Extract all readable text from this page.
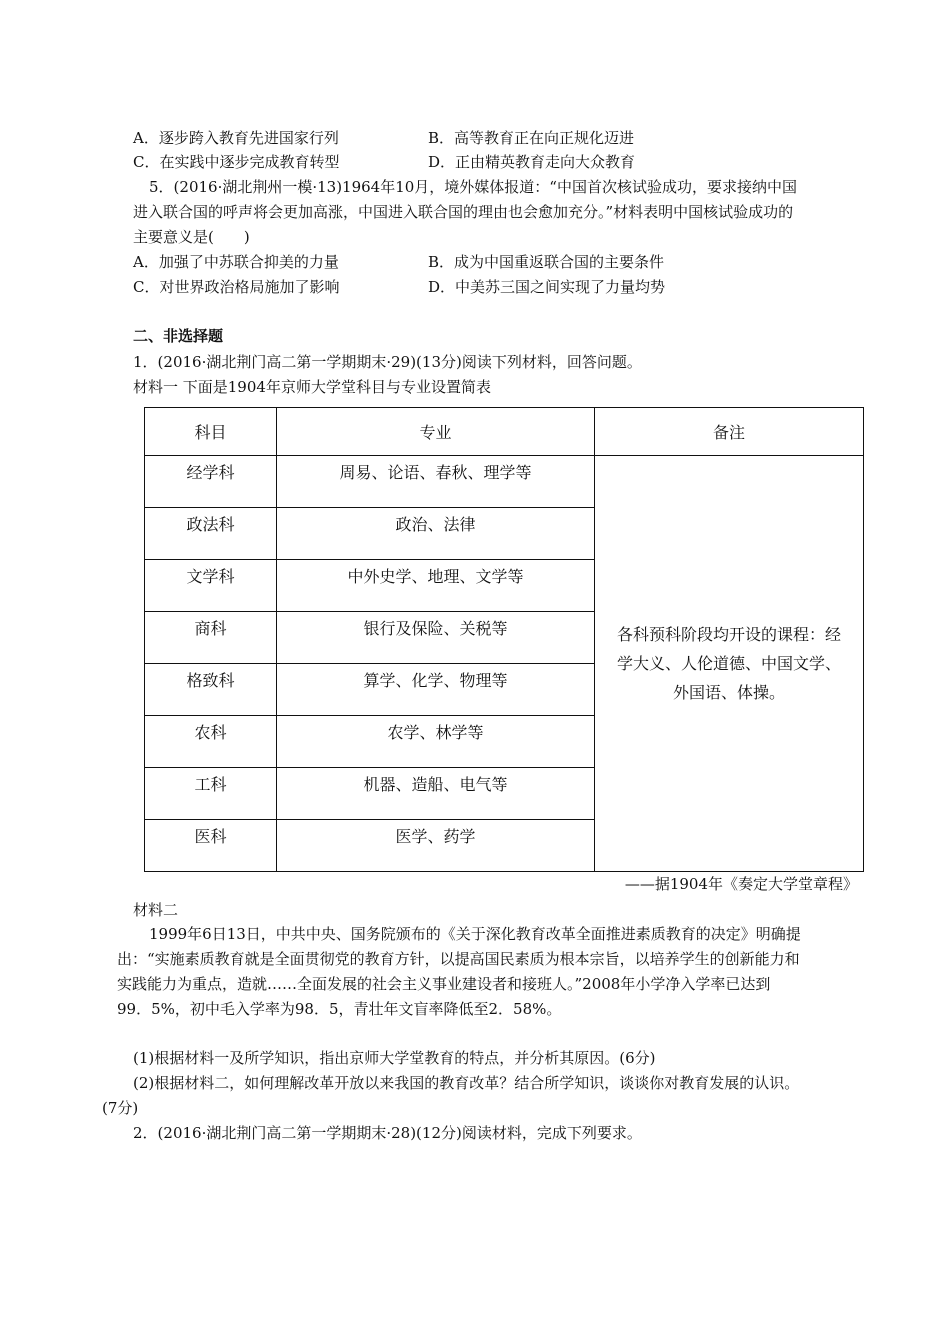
A．逐步跨入教育先进国家行列	B．高等教育正在向正规化迈进
C．在实践中逐步完成教育转型	D．正由精英教育走向大众教育
5．(2016·湖北荆州一模·13)1964年10月，境外媒体报道：“中国首次核试验成功，要求接纳中国
进入联合国的呼声将会更加高涨，中国进入联合国的理由也会愈加充分。”材料表明中国核试验成功的
主要意义是(　　)
A．加强了中苏联合抑美的力量	B．成为中国重返联合国的主要条件
C．对世界政治格局施加了影响	D．中美苏三国之间实现了力量均势
二、非选择题
1．(2016·湖北荆门高二第一学期期末·29)(13分)阅读下列材料，回答问题。
材料一 下面是1904年京师大学堂科目与专业设置简表
科目	专业	备注
经学科	周易、论语、春秋、理学等	各科预科阶段均开设的课程：经学大义、人伦道德、中国文学、外国语、体操。
政法科	政治、法律	
文学科	中外史学、地理、文学等	
商科	银行及保险、关税等	
格致科	算学、化学、物理等	
农科	农学、林学等	
工科	机器、造船、电气等	
医科	医学、药学	
——据1904年《奏定大学堂章程》
材料二
1999年6日13日，中共中央、国务院颁布的《关于深化教育改革全面推进素质教育的决定》明确提
出：“实施素质教育就是全面贯彻党的教育方针，以提高国民素质为根本宗旨，以培养学生的创新能力和
实践能力为重点，造就……全面发展的社会主义事业建设者和接班人。”2008年小学净入学率已达到
99．5%，初中毛入学率为98．5，青壮年文盲率降低至2．58%。
(1)根据材料一及所学知识，指出京师大学堂教育的特点，并分析其原因。(6分)
(2)根据材料二，如何理解改革开放以来我国的教育改革？结合所学知识，谈谈你对教育发展的认识。
(7分)
2．(2016·湖北荆门高二第一学期期末·28)(12分)阅读材料，完成下列要求。
